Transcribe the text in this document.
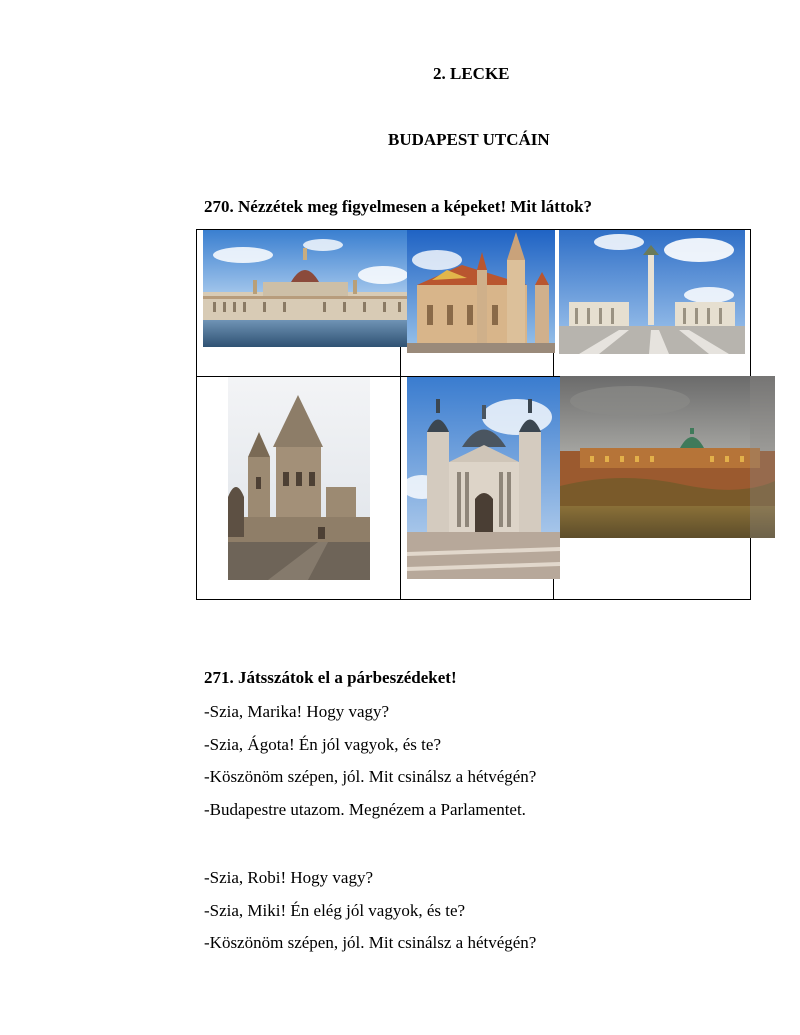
2. LECKE
BUDAPEST UTCÁIN
270. Nézzétek meg figyelmesen a képeket! Mit láttok?
271. Játsszátok el a párbeszédeket!
-Szia, Marika! Hogy vagy?
-Szia, Ágota! Én jól vagyok, és te?
-Köszönöm szépen, jól. Mit csinálsz a hétvégén?
-Budapestre utazom. Megnézem a Parlamentet.
-Szia, Robi! Hogy vagy?
-Szia, Miki! Én elég jól vagyok, és te?
-Köszönöm szépen, jól. Mit csinálsz a hétvégén?
